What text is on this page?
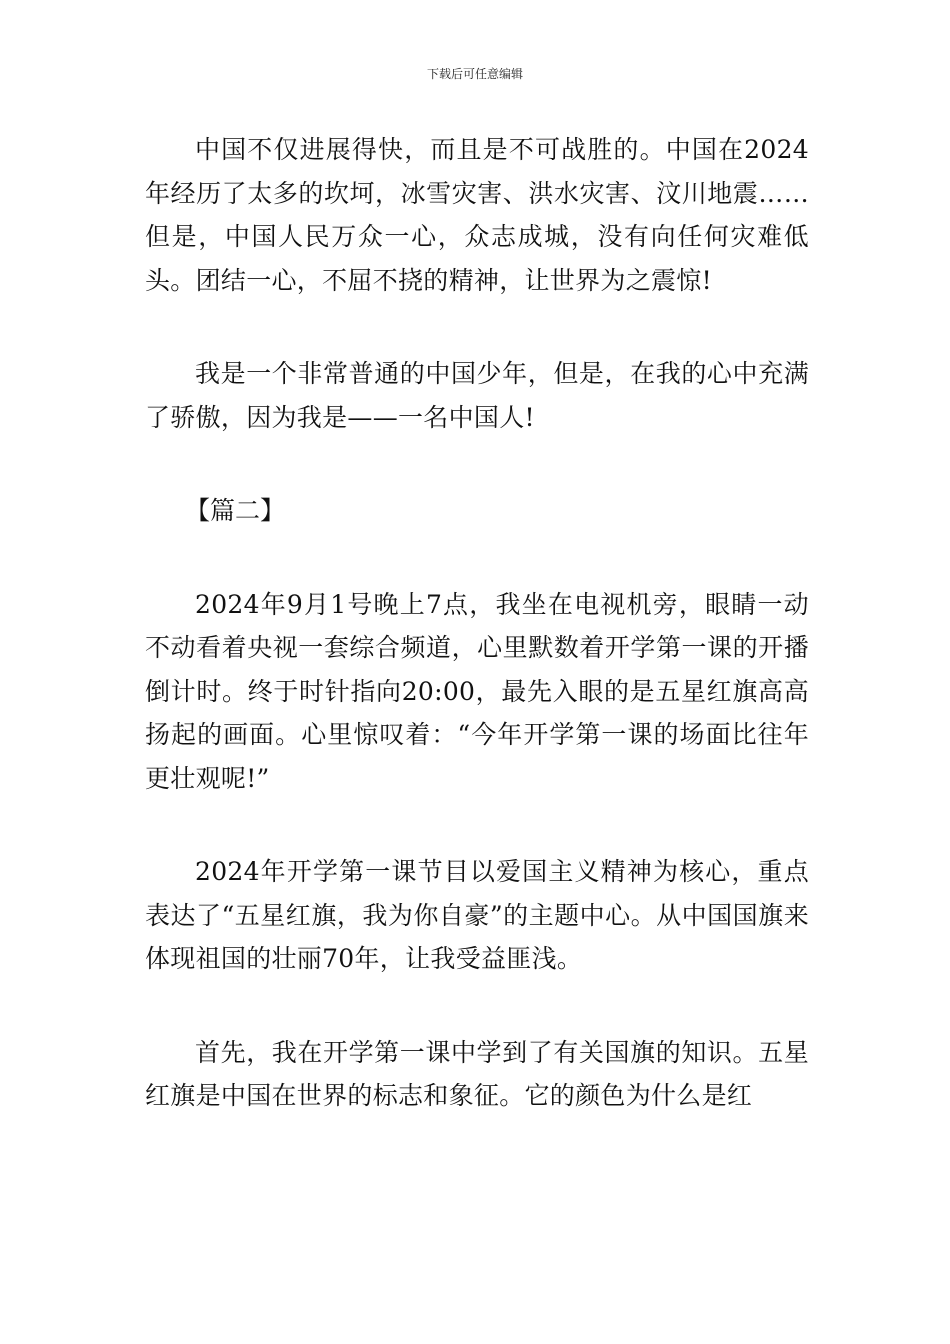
下载后可任意编辑

中国不仅进展得快，而且是不可战胜的。中国在2024年经历了太多的坎坷，冰雪灾害、洪水灾害、汶川地震……但是，中国人民万众一心，众志成城，没有向任何灾难低头。团结一心，不屈不挠的精神，让世界为之震惊!

我是一个非常普通的中国少年，但是，在我的心中充满了骄傲，因为我是——一名中国人!

【篇二】

2024年9月1号晚上7点，我坐在电视机旁，眼睛一动不动看着央视一套综合频道，心里默数着开学第一课的开播倒计时。终于时针指向20:00，最先入眼的是五星红旗高高扬起的画面。心里惊叹着：“今年开学第一课的场面比往年更壮观呢!”

2024年开学第一课节目以爱国主义精神为核心，重点表达了“五星红旗，我为你自豪”的主题中心。从中国国旗来体现祖国的壮丽70年，让我受益匪浅。

首先，我在开学第一课中学到了有关国旗的知识。五星红旗是中国在世界的标志和象征。它的颜色为什么是红
